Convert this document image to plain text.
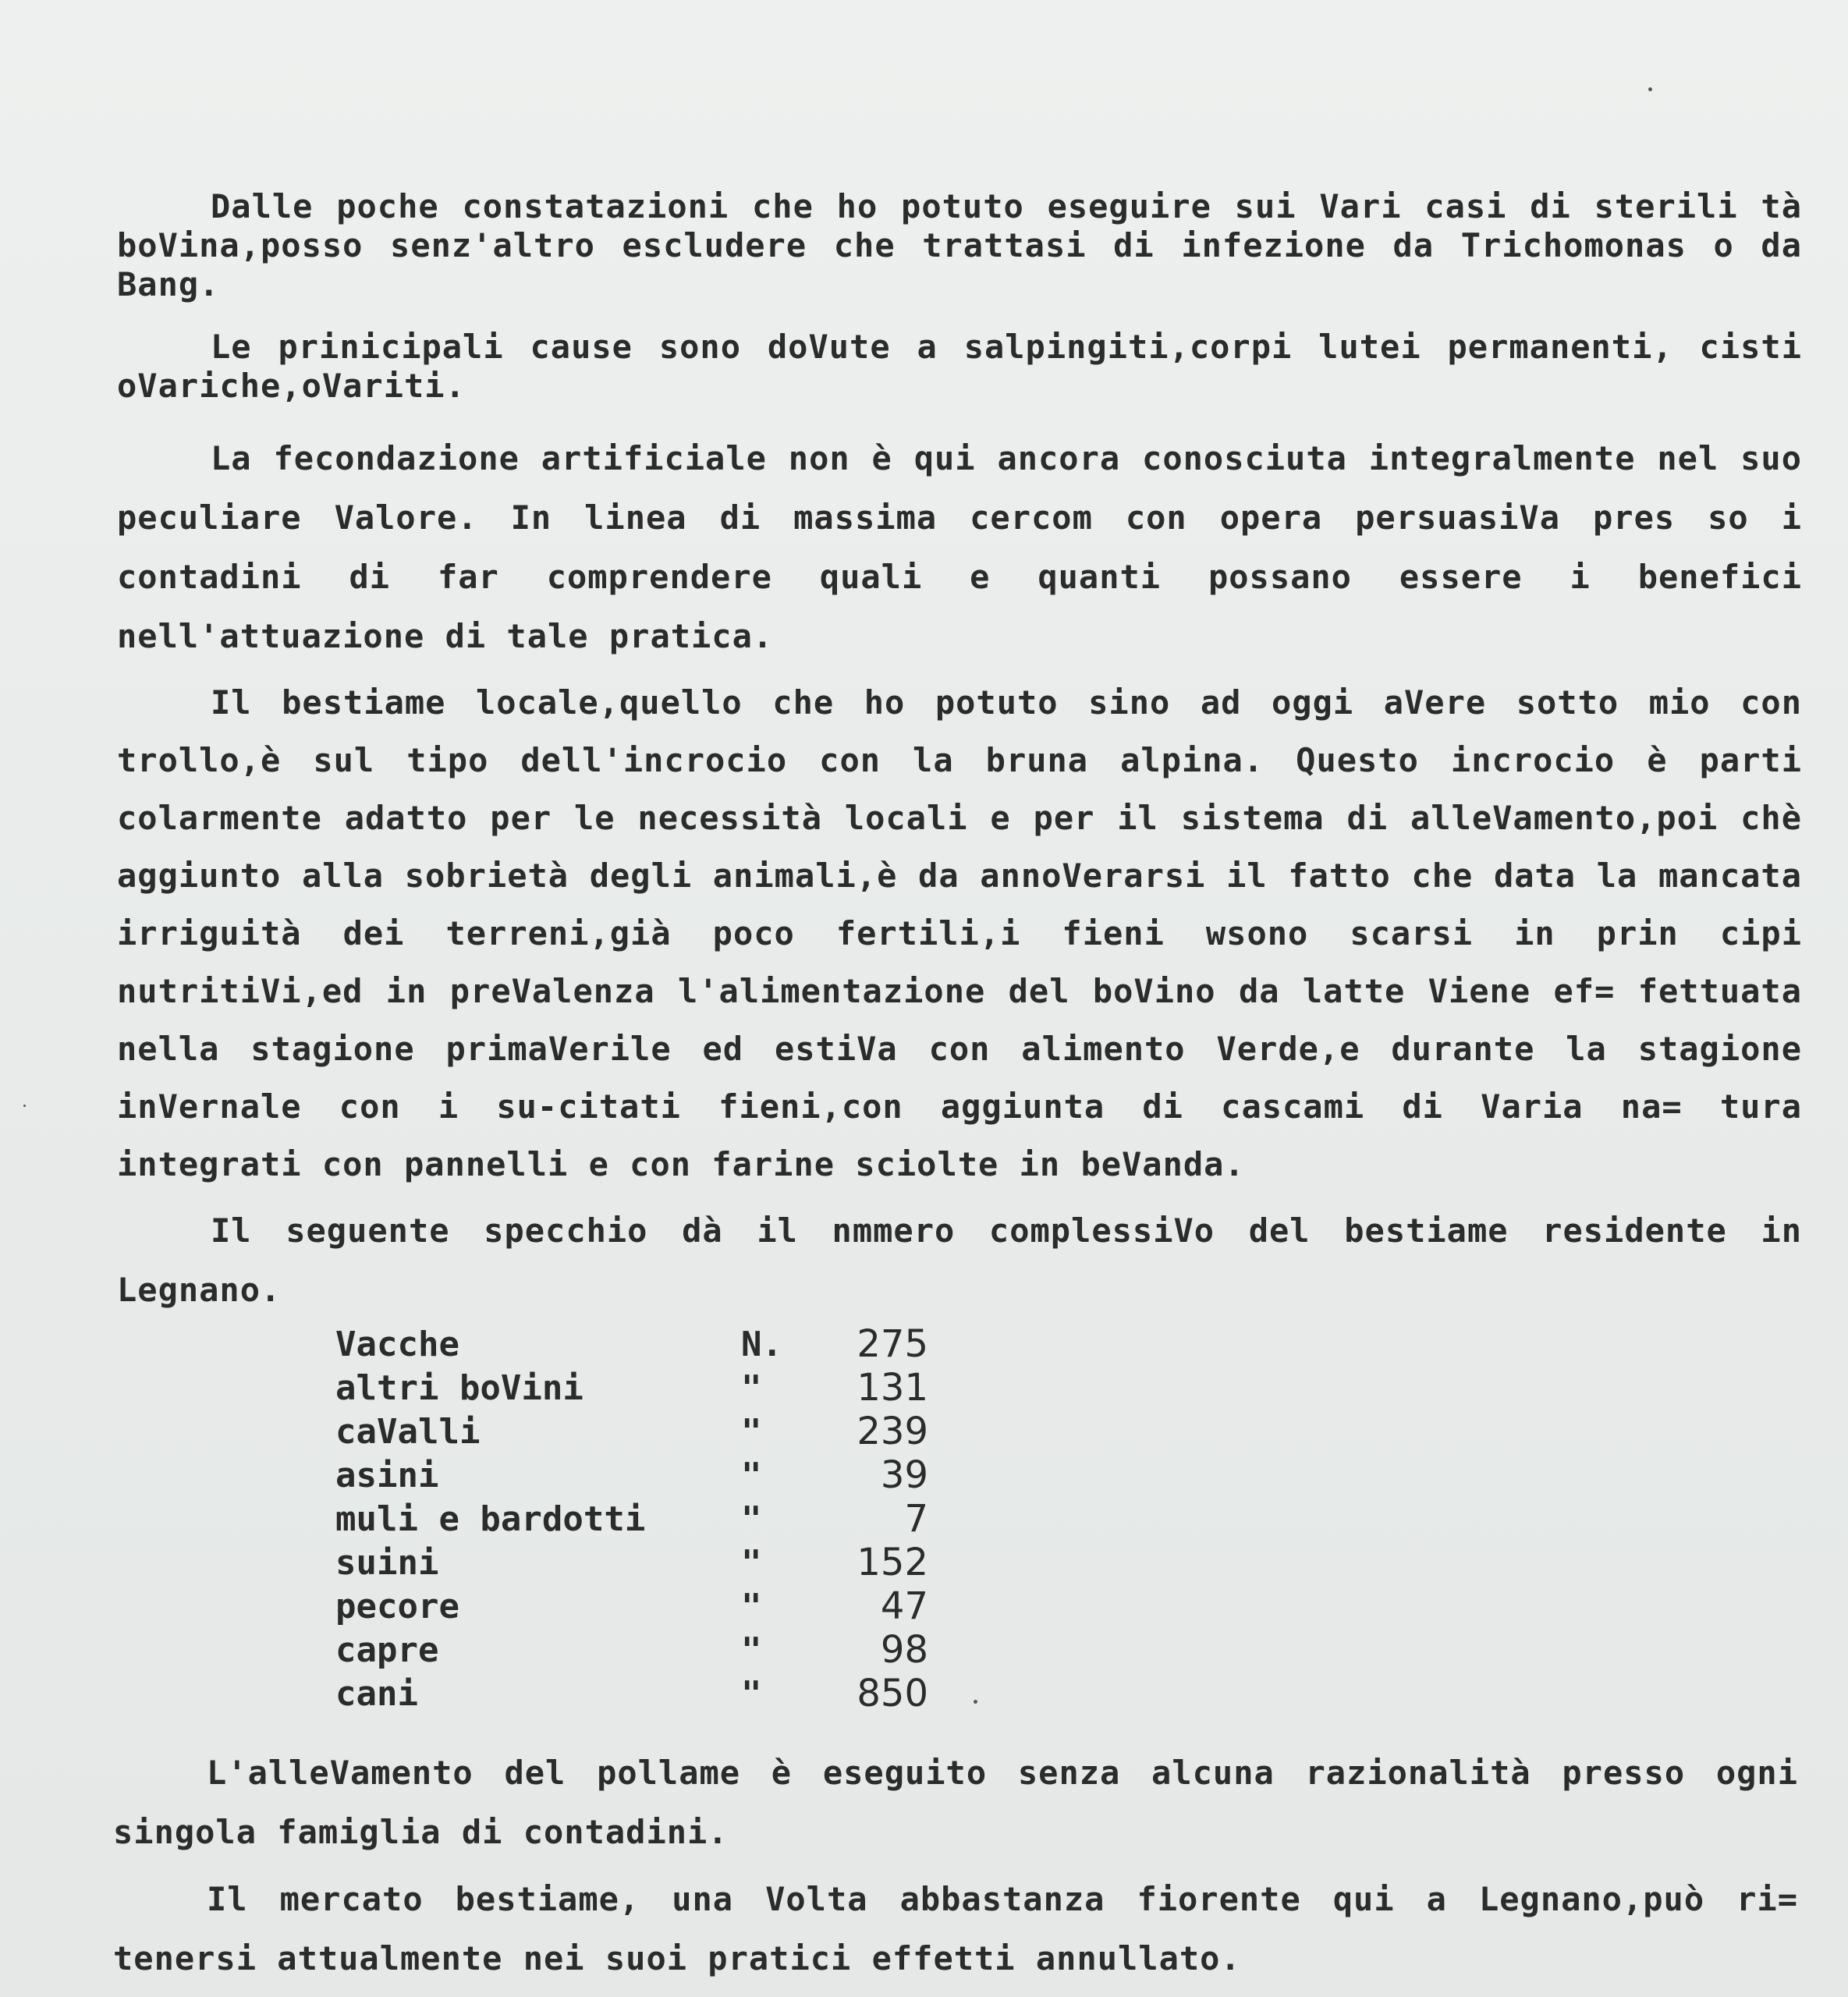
Dalle poche constatazioni che ho potuto eseguire sui Vari casi di sterili tà boVina,posso senz'altro escludere che trattasi di infezione da Trichomonas o da Bang.

Le prinicipali cause sono doVute a salpingiti,corpi lutei permanenti, cisti oVariche,oVariti.

La fecondazione artificiale non è qui ancora conosciuta integralmente nel suo peculiare Valore. In linea di massima cercom con opera persuasiVa pres so i contadini di far comprendere quali e quanti possano essere i benefici nell'attuazione di tale pratica.

Il bestiame locale,quello che ho potuto sino ad oggi aVere sotto mio con trollo,è sul tipo dell'incrocio con la bruna alpina. Questo incrocio è parti colarmente adatto per le necessità locali e per il sistema di alleVamento,poi chè aggiunto alla sobrietà degli animali,è da annoVerarsi il fatto che data la mancata irriguità dei terreni,già poco fertili,i fieni wsono scarsi in prin cipi nutritiVi,ed in preValenza l'alimentazione del boVino da latte Viene ef= fettuata nella stagione primaVerile ed estiVa con alimento Verde,e durante la stagione inVernale con i su-citati fieni,con aggiunta di cascami di Varia na= tura integrati con pannelli e con farine sciolte in beVanda.

Il seguente specchio dà il nmmero complessiVo del bestiame residente in Legnano.

Vacche	N.	275
altri boVini	"	131
caValli	"	239
asini	"	39
muli e bardotti	"	7
suini	"	152
pecore	"	47
capre	"	98
cani	"	850

L'alleVamento del pollame è eseguito senza alcuna razionalità presso ogni singola famiglia di contadini.

Il mercato bestiame, una Volta abbastanza fiorente qui a Legnano,può ri= tenersi attualmente nei suoi pratici effetti annullato.
